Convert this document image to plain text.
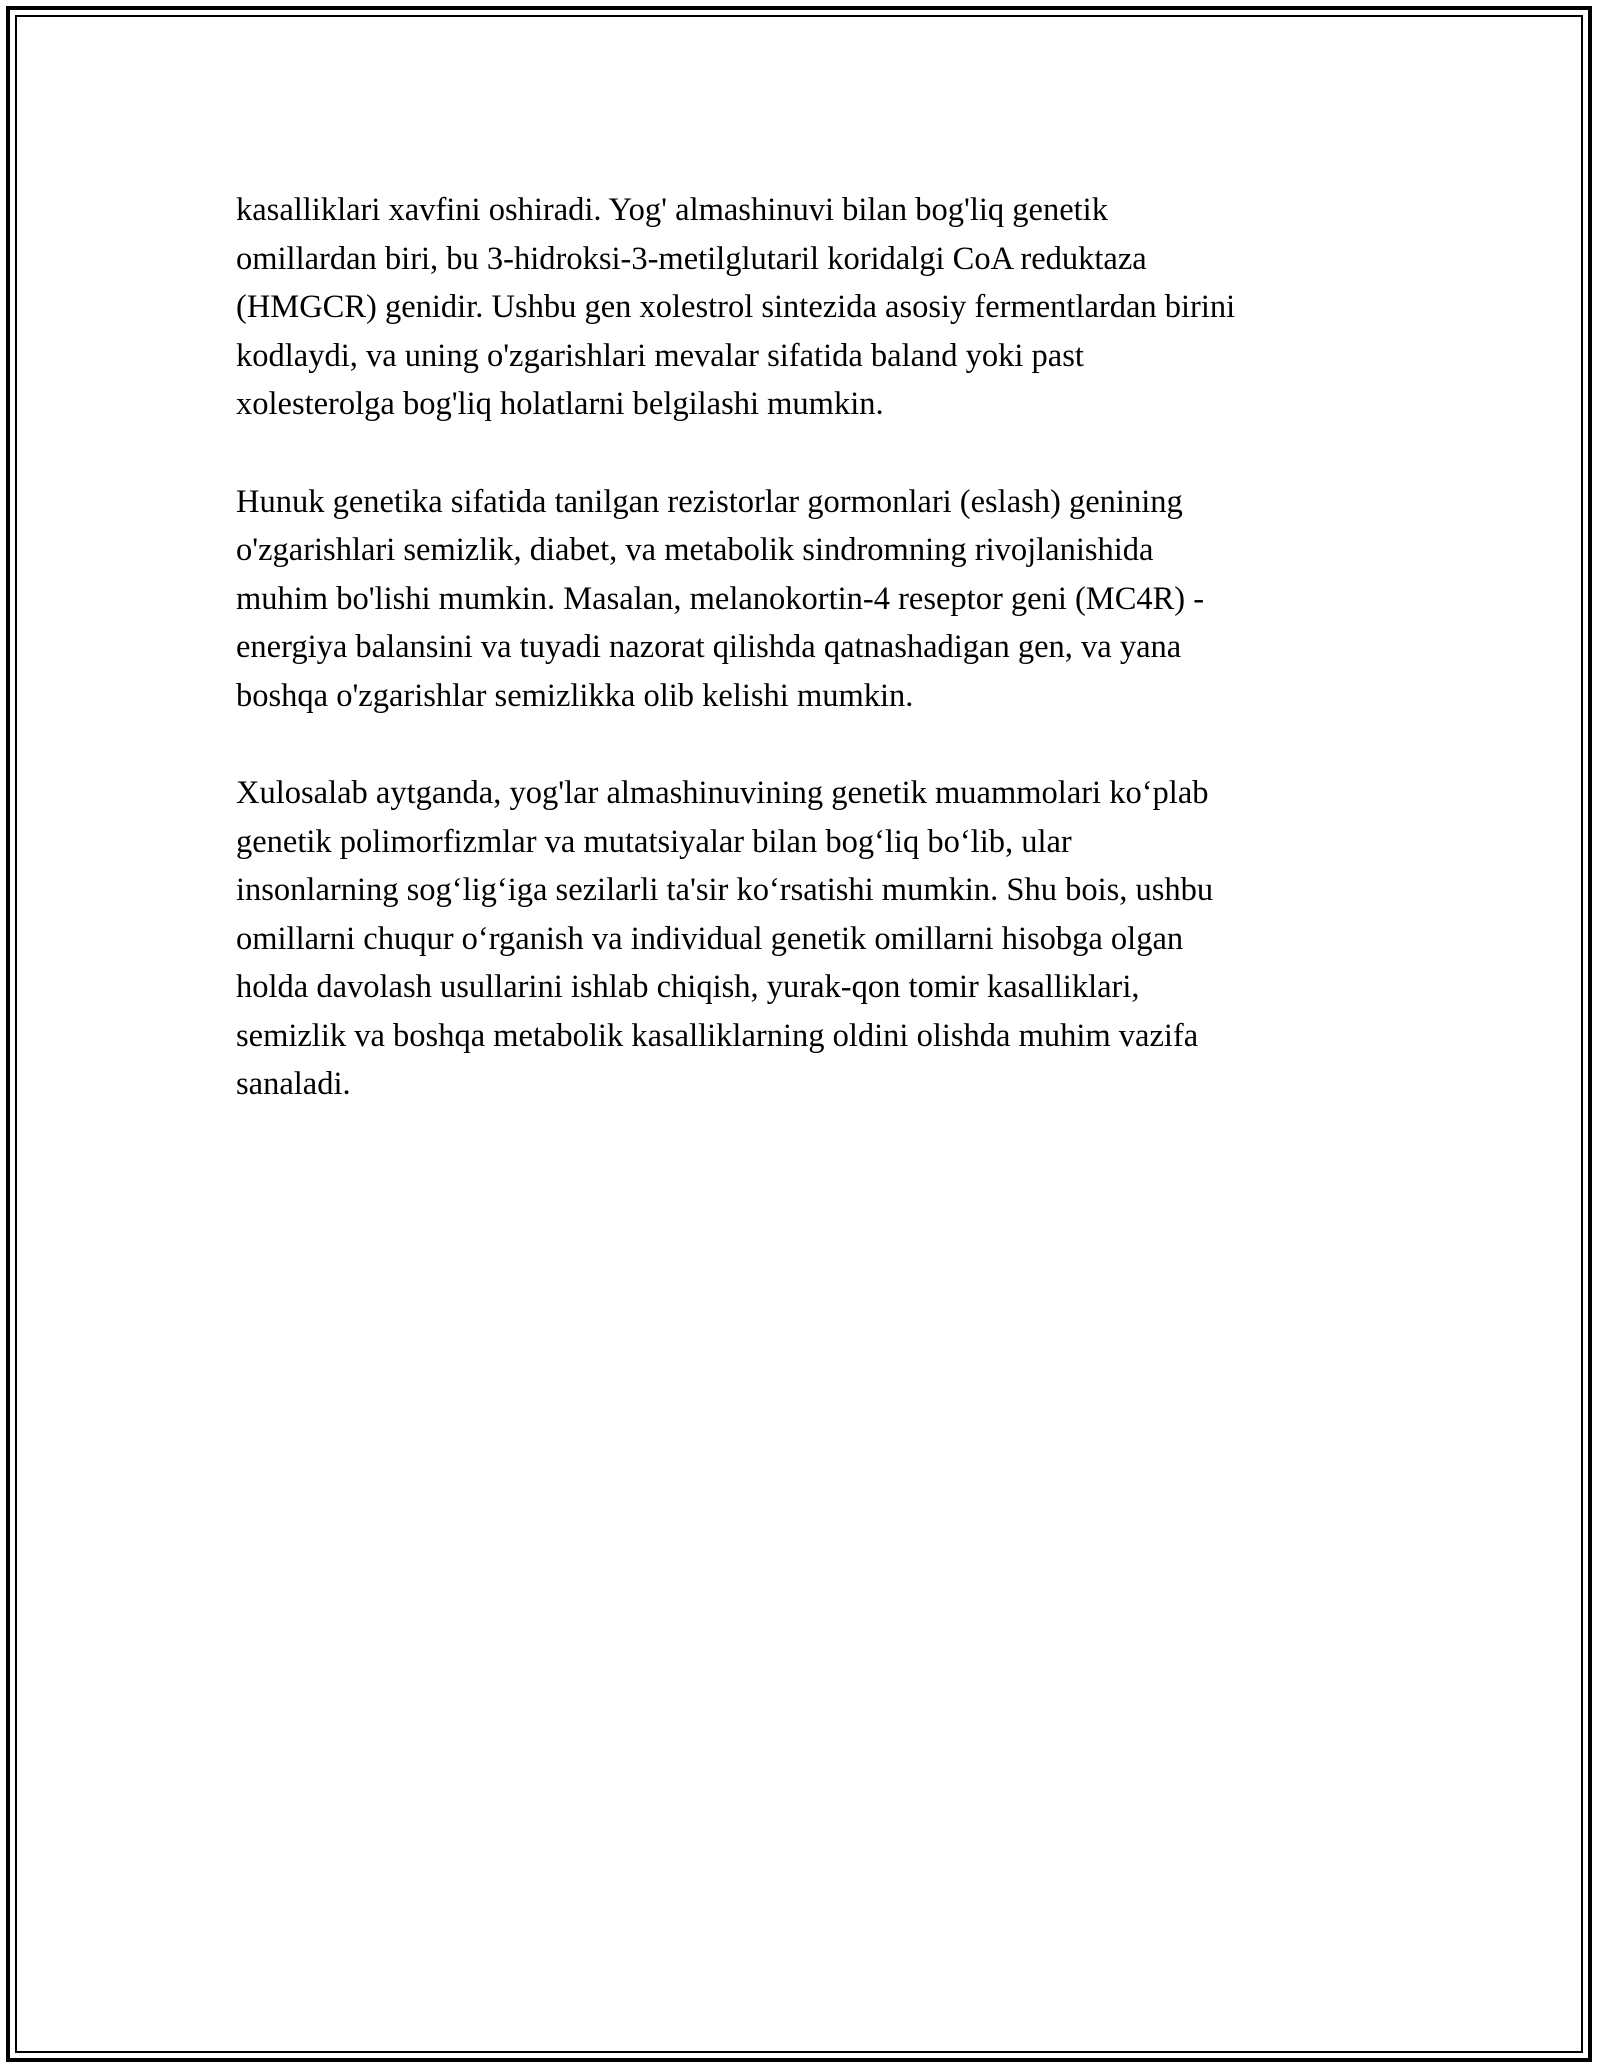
kasalliklari xavfini oshiradi. Yog' almashinuvi bilan bog'liq genetik
omillardan biri, bu 3-hidroksi-3-metilglutaril koridalgi CoA reduktaza
(HMGCR) genidir. Ushbu gen xolestrol sintezida asosiy fermentlardan birini
kodlaydi, va uning o'zgarishlari mevalar sifatida baland yoki past
xolesterolga bog'liq holatlarni belgilashi mumkin.

Hunuk genetika sifatida tanilgan rezistorlar gormonlari (eslash) genining
o'zgarishlari semizlik, diabet, va metabolik sindromning rivojlanishida
muhim bo'lishi mumkin. Masalan, melanokortin-4 reseptor geni (MC4R) -
energiya balansini va tuyadi nazorat qilishda qatnashadigan gen, va yana
boshqa o'zgarishlar semizlikka olib kelishi mumkin.

Xulosalab aytganda, yog'lar almashinuvining genetik muammolari ko‘plab
genetik polimorfizmlar va mutatsiyalar bilan bog‘liq bo‘lib, ular
insonlarning sog‘lig‘iga sezilarli ta'sir ko‘rsatishi mumkin. Shu bois, ushbu
omillarni chuqur o‘rganish va individual genetik omillarni hisobga olgan
holda davolash usullarini ishlab chiqish, yurak-qon tomir kasalliklari,
semizlik va boshqa metabolik kasalliklarning oldini olishda muhim vazifa
sanaladi.
